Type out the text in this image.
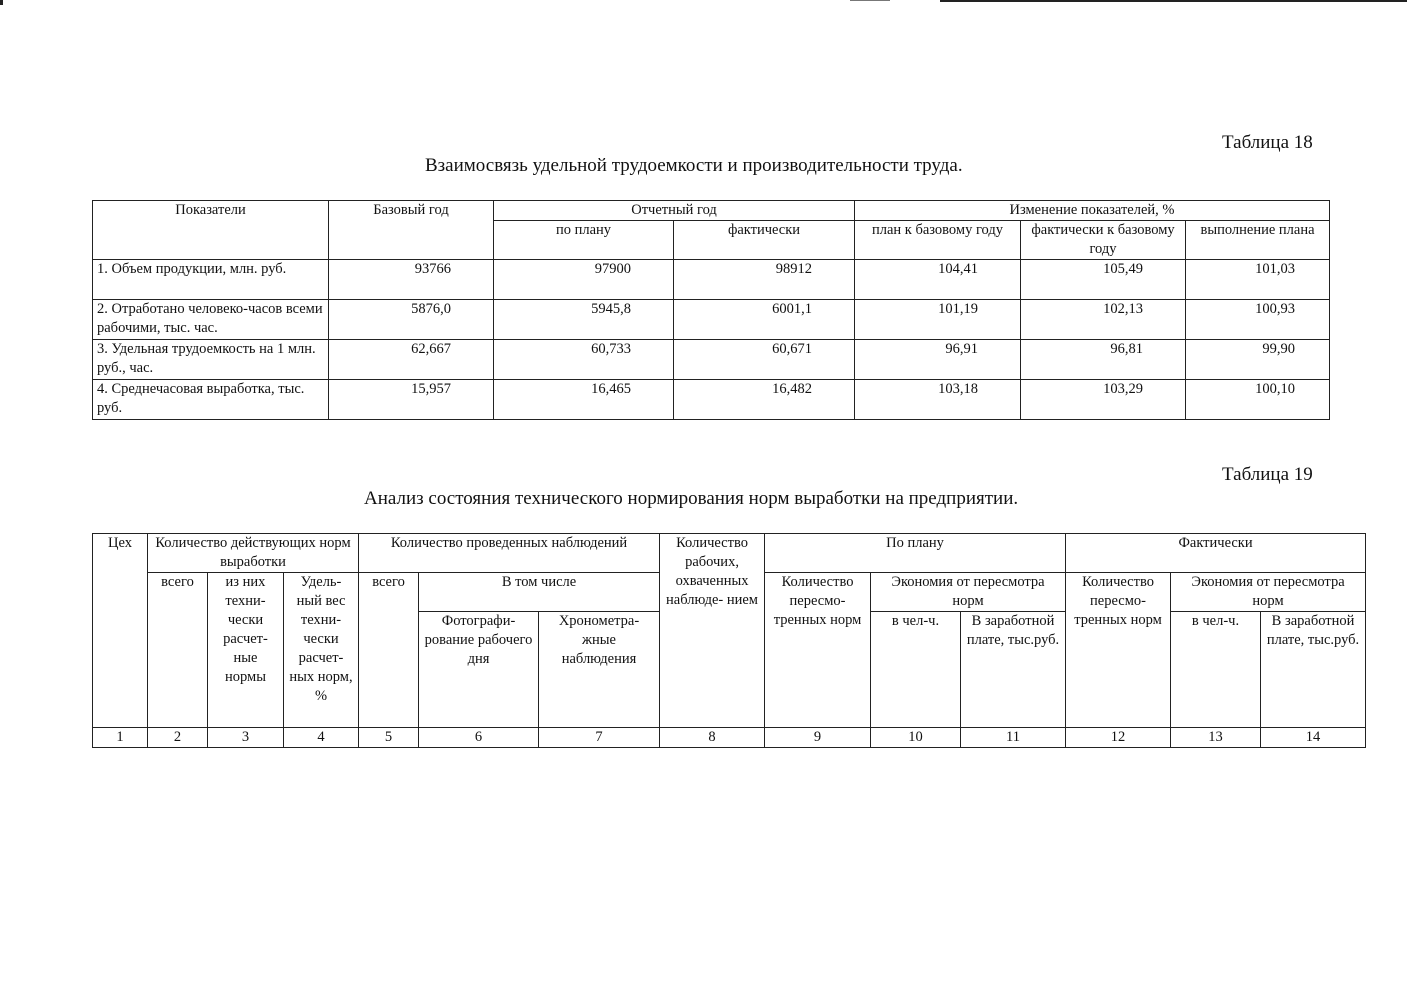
Таблица 18
Взаимосвязь удельной трудоемкости и производительности труда.
Показатели	Базовый год	Отчетный год		Изменение показателей, %		
		по плану	фактически	план к базовому году	фактически к базовому году	выполнение плана
1. Объем продукции, млн. руб.	93766	97900	98912	104,41	105,49	101,03
2. Отработано человеко-часов всеми рабочими, тыс. час.	5876,0	5945,8	6001,1	101,19	102,13	100,93
3. Удельная трудоемкость на 1 млн. руб., час.	62,667	60,733	60,671	96,91	96,81	99,90
4. Среднечасовая выработка, тыс. руб.	15,957	16,465	16,482	103,18	103,29	100,10
Таблица 19
Анализ состояния технического нормирования норм выработки на предприятии.
Цех	Количество действующих норм выработки			Количество проведенных наблюдений			Количество рабочих, охваченных наблюде- нием	По плану			Фактически		
	всего	из них техни- чески расчет- ные нормы	Удель- ный вес техни- чески расчет- ных норм, %	всего	В том числе			Количество пересмо- тренных норм	Экономия от пересмотра норм		Количество пересмо- тренных норм	Экономия от пересмотра норм	
					Фотографи- рование рабочего дня	Хронометра- жные наблюдения			в чел-ч.	В заработной плате, тыс.руб.		в чел-ч.	В заработной плате, тыс.руб.
1	2	3	4	5	6	7	8	9	10	11	12	13	14
